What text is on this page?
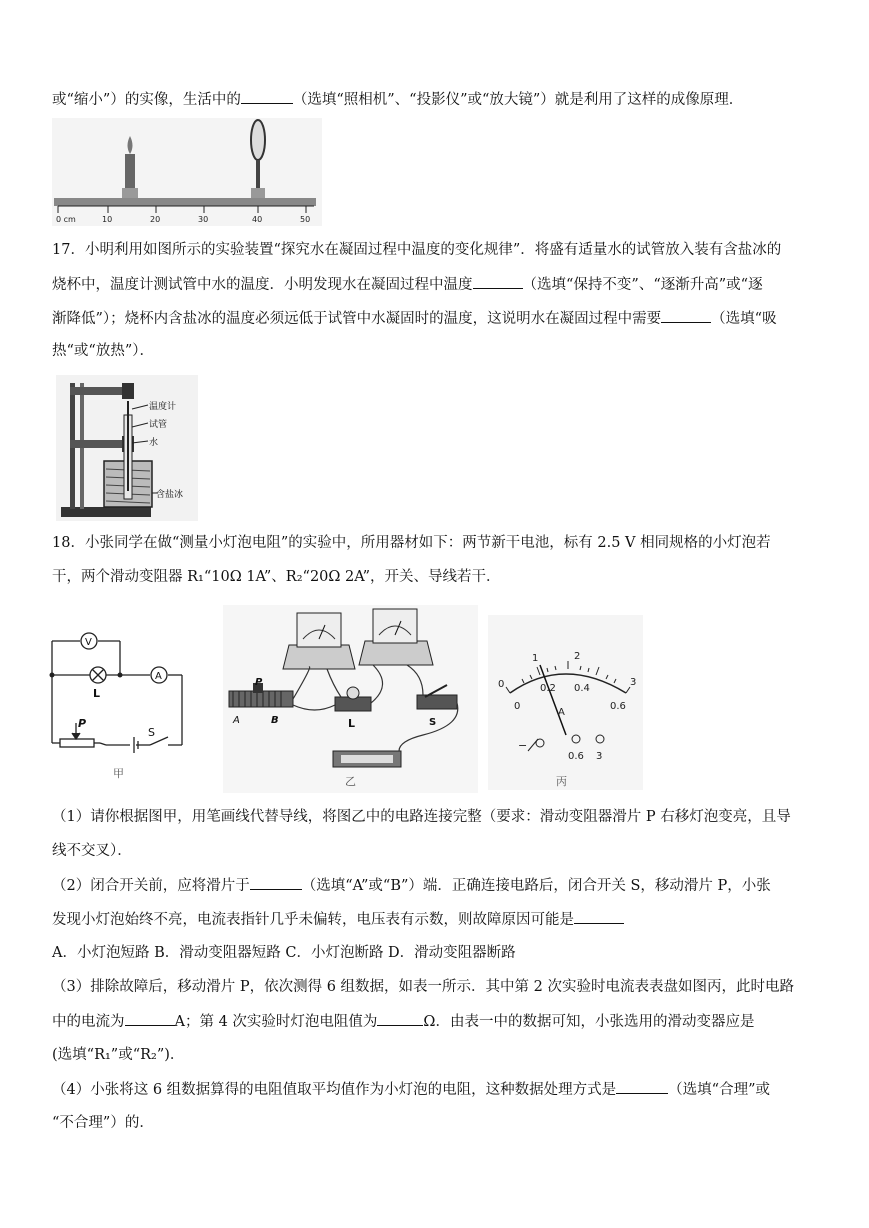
或“缩小”）的实像，生活中的	（选填“照相机”、“投影仪”或“放大镜”）就是利用了这样的成像原理．
0 cm	10	20	30	40	50
17．小明利用如图所示的实验装置“探究水在凝固过程中温度的变化规律”．将盛有适量水的试管放入装有含盐冰的
烧杯中，温度计测试管中水的温度．小明发现水在凝固过程中温度	（选填“保持不变”、“逐渐升高”或“逐
渐降低”）；烧杯内含盐冰的温度必须远低于试管中水凝固时的温度，这说明水在凝固过程中需要	（选填“吸
热“或“放热”）．
温度计
试管
水
含盐冰
18．小张同学在做“测量小灯泡电阻”的实验中，所用器材如下：两节新干电池，标有 2.5 V 相同规格的小灯泡若
干，两个滑动变阻器 R₁“10Ω 1A”、R₂“20Ω 2A”，开关、导线若干．
V
A
L
P
S
甲
P
A	B	L	S
乙
0
1	2
3
0
0.2 0.4
0.6
A
−
0.6 3
丙
（1）请你根据图甲，用笔画线代替导线，将图乙中的电路连接完整（要求：滑动变阻器滑片 P 右移灯泡变亮，且导
线不交叉）．
（2）闭合开关前，应将滑片于	（选填“A”或“B”）端．正确连接电路后，闭合开关 S，移动滑片 P，小张
发现小灯泡始终不亮，电流表指针几乎未偏转，电压表有示数，则故障原因可能是
A．小灯泡短路 B．滑动变阻器短路 C．小灯泡断路 D．滑动变阻器断路
（3）排除故障后，移动滑片 P，依次测得 6 组数据，如表一所示．其中第 2 次实验时电流表表盘如图丙，此时电路
中的电流为	A；第 4 次实验时灯泡电阻值为	Ω．由表一中的数据可知，小张选用的滑动变器应是
(选填“R₁”或“R₂”)．
（4）小张将这 6 组数据算得的电阻值取平均值作为小灯泡的电阻，这种数据处理方式是	（选填“合理”或
“不合理”）的．
